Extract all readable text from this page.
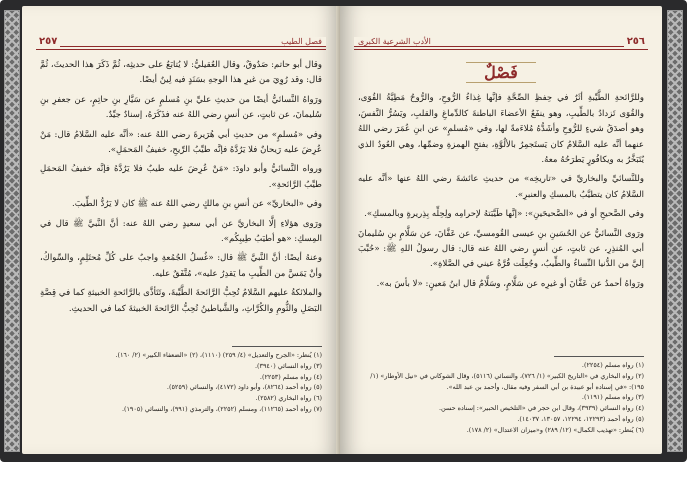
٢٥٧	فصل الطيب

وقال أبو حاتم: صَدُوقٌ، وقال العُقيليُّ: لا يُتابَعُ على حديثِه، ثُمَّ ذَكَرَ هذا الحديثَ، ثُمَّ قال: وقد رُوِيَ من غيرِ هذا الوجهِ بسَنَدٍ فيه لِينٌ أيضًا.

ورَواهُ النَّسائيُّ أيضًا من حديثِ عليِّ بنِ مُسلمٍ عن سَيَّارِ بنِ حاتِمٍ، عن جعفرِ بنِ سُليمانَ، عن ثابتٍ، عن أنسٍ رضي اللهُ عنه فذَكَرَهُ، إسنادٌ جيِّدٌ.

وفي «مُسلمٍ» من حديثِ أبي هُرَيرةَ رضي اللهُ عنه: «أنَّه عليه السَّلامُ قال: مَنْ عُرِضَ عليه رَيحانٌ فلا يَرُدَّهُ فإنَّه طيِّبُ الرِّيحِ، خفيفُ المَحمَلِ».

ورواه النَّسائيُّ وأبو داودَ: «مَنْ عُرِضَ عليه طيبٌ فلا يَرُدَّهُ فإنَّه خفيفُ المَحمَلِ طيِّبُ الرَّائحةِ».

وفي «البخاريِّ» عن أنسِ بنِ مالكٍ رضي اللهُ عنه ﷺ كان لا يَرُدُّ الطِّيبَ.

ورَوى هؤلاءِ إلَّا البخاريَّ عن أبي سعيدٍ رضي اللهُ عنه: أنَّ النَّبيَّ ﷺ قال في المِسكِ: «هو أطيَبُ طِيبِكُم».

وعنهُ أيضًا: أنَّ النَّبيَّ ﷺ قال: «غُسلُ الجُمُعةِ واجبٌ على كُلِّ مُحتَلِمٍ، والسِّواكُ، وأنْ يَمَسَّ من الطِّيبِ ما يَقدِرُ عليه»، مُتَّفَقٌ عليه.

والملائكةُ عليهم السَّلامُ تُحِبُّ الرَّائحةَ الطَّيِّبةَ، وتَتَأذَّى بالرَّائحةِ الخبيثةِ كما في قِصَّةِ البَصَلِ والثُّومِ والكُرَّاثِ، والشَّياطينُ تُحِبُّ الرَّائحةَ الخبيثةَ كما في الحديثِ.

(١) يُنظر: «الجرح والتعديل» (٤/ ٢٥٩) (١١١٠)، (٢) «الضعفاء الكبير» (٢/ ١٦٠).
(٣) رواه النسائي (٣٩٤٠).
(٤) رواه مسلم (٢٢٥٣).
(٥) رواه أحمد (٨٢٦٤)، وأبو داود (٤١٧٢)، والنسائي (٥٢٥٩).
(٦) رواه البخاري (٢٥٨٢).
(٧) رواه أحمد (١١٢٦٥)، ومسلم (٢٢٥٢)، والترمذي (٩٩١)، والنسائي (١٩٠٥).
الأدب الشرعية الكبرى	٢٥٦
فَصْلٌ

وللرَّائحةِ الطَّيِّبةِ أثَرٌ في حِفظِ الصِّحَّةِ فإنَّها غِذاءُ الرُّوحِ، والرُّوحُ مَطِيَّةُ القُوَى، والقُوَى تَزدادُ بالطِّيبِ، وهو ينفَعُ الأعضاءَ الباطنةَ كالدِّماغِ والقلبِ، ويَسُرُّ النَّفسَ، وهو أصدَقُ شيءٍ للرُّوحِ وأشَدُّهُ مُلاءَمةً لها، وفي «مُسلمٍ» عن ابنِ عُمَرَ رضي اللهُ عنهما أنَّه عليه السَّلامُ كان يَستَجمِرُ بالألُوَّةِ، بفتحِ الهمزةِ وضمِّها، وهي العُودُ الذي يُتَبَخَّرُ به ويكافُورٍ يَطرَحُهُ معهُ.

وللنَّسائيِّ والبخاريِّ في «تاريخِه» من حديثِ عائشةَ رضي اللهُ عنها «أنَّه عليه السَّلامُ كان يتطيَّبُ بالمسكِ والعنبرِ».

وفي الصَّحيحِ أو في «الصَّحيحَينِ»: «إنَّها طَيَّبَتهُ لإحرامِه ولِحِلِّه بِذِريرةٍ وبالمسكِ».

ورَوى النَّسائيُّ عن الحُسَينِ بنِ عيسى القُومسيِّ، عن عَفَّانَ، عن سَلَّامٍ بنِ سُليمانَ أبي المُنذِرِ، عن ثابتٍ، عن أنسٍ رضي اللهُ عنه قال: قال رسولُ اللهِ ﷺ: «حُبِّبَ إليَّ من الدُّنيا النِّساءُ والطِّيبُ، وجُعِلَت قُرَّةُ عيني في الصَّلاةِ».

ورَواهُ أحمدُ عن عَفَّانَ أو غيرِه عن سَلَّامٍ، وسَلَّامٌ قال ابنُ مَعينٍ: «لا بأسَ به».

(١) رواه مسلم (٢٢٥٤).
(٢) رواه البخاري في «التاريخ الكبير» (١/ ٧٢٦)، والنسائي (٥١١٦)، وقال الشوكاني في «نيل الأوطار» (١/ ١٩٥): «في إسناده أبو عبيدة بن أبي السفر وفيه مقال، وأحمد بن عبد الله».
(٣) رواه مسلم (١١٩١).
(٤) رواه النسائي (٣٩٣٩)، وقال ابن حجر في «التلخيص الحبير»: إسناده حسن.
(٥) رواه أحمد (١٢٢٩٣، ١٢٢٩٤، ١٣٠٥٧، ١٤٠٣٧).
(٦) يُنظر: «تهذيب الكمال» (١٢/ ٢٨٩) و«ميزان الاعتدال» (٢/ ١٧٨).
